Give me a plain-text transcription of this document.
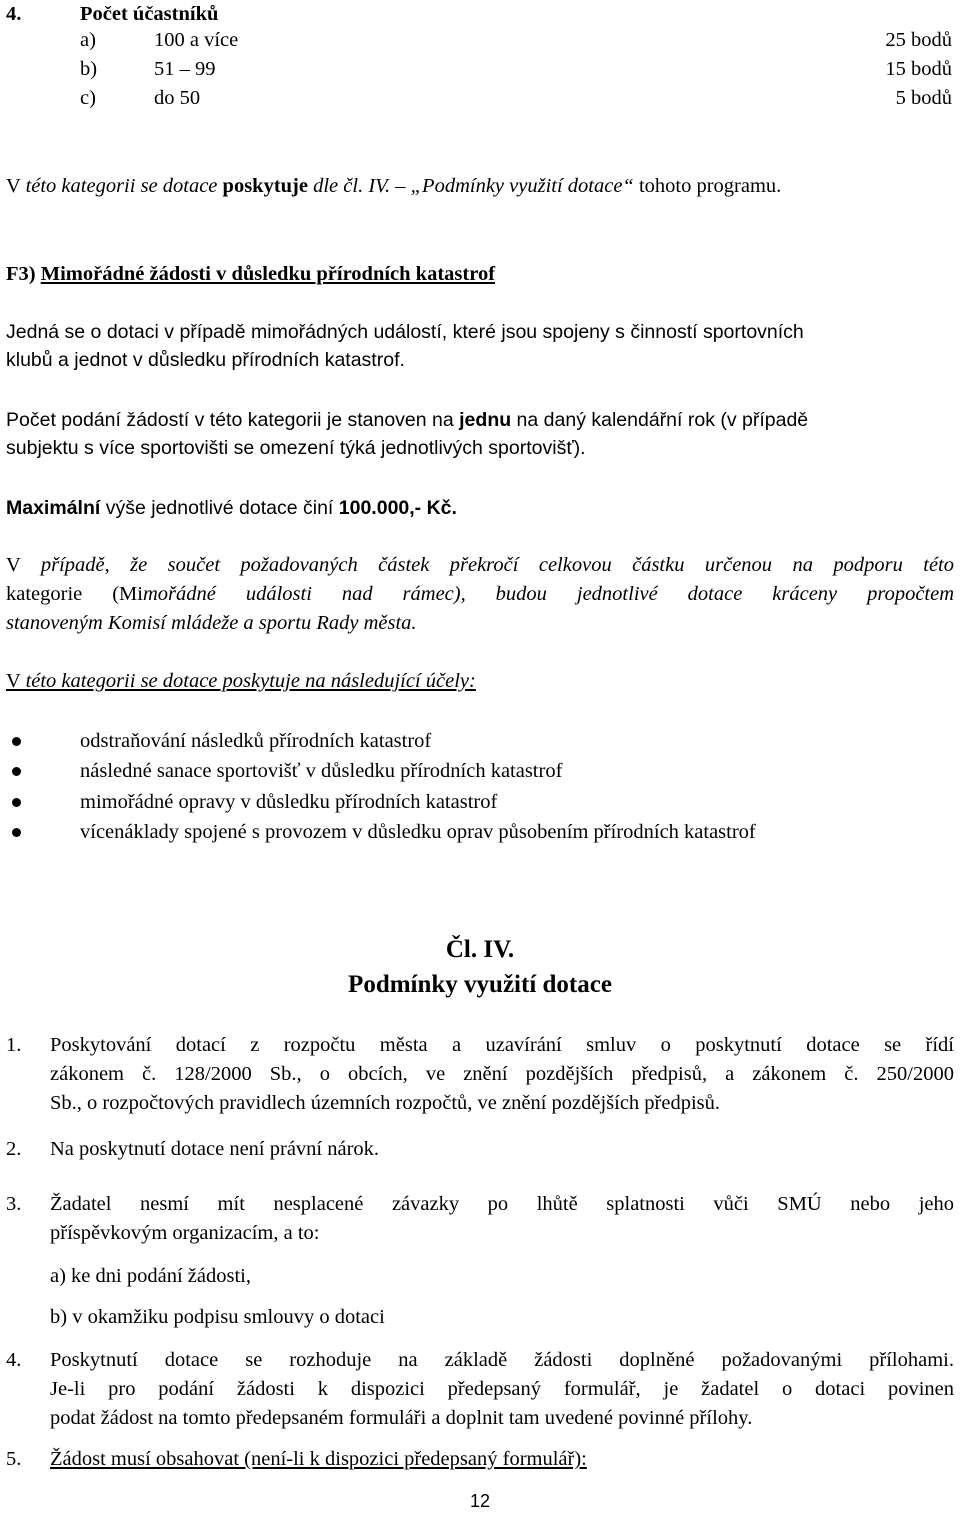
4.	Počet účastníků
a)	100 a více	25 bodů
b)	51 – 99	15 bodů
c)	do 50	5 bodů
V této kategorii se dotace poskytuje dle čl. IV. – „Podmínky využití dotace“ tohoto programu.
F3) Mimořádné žádosti v důsledku přírodních katastrof
Jedná se o dotaci v případě mimořádných událostí, které jsou spojeny s činností sportovních
klubů a jednot v důsledku přírodních katastrof.
Počet podání žádostí v této kategorii je stanoven na jednu na daný kalendářní rok (v případě
subjektu s více sportovišti se omezení týká jednotlivých sportovišť).
Maximální výše jednotlivé dotace činí 100.000,- Kč.
V případě, že součet požadovaných částek překročí celkovou částku určenou na podporu této
kategorie (Mimořádné události nad rámec), budou jednotlivé dotace kráceny propočtem
stanoveným Komisí mládeže a sportu Rady města.
V této kategorii se dotace poskytuje na následující účely:
odstraňování následků přírodních katastrof
následné sanace sportovišť v důsledku přírodních katastrof
mimořádné opravy v důsledku přírodních katastrof
vícenáklady spojené s provozem v důsledku oprav působením přírodních katastrof
Čl. IV.
Podmínky využití dotace
1. Poskytování dotací z rozpočtu města a uzavírání smluv o poskytnutí dotace se řídí
zákonem č. 128/2000 Sb., o obcích, ve znění pozdějších předpisů, a zákonem č. 250/2000
Sb., o rozpočtových pravidlech územních rozpočtů, ve znění pozdějších předpisů.
2. Na poskytnutí dotace není právní nárok.
3. Žadatel nesmí mít nesplacené závazky po lhůtě splatnosti vůči SMÚ nebo jeho
příspěvkovým organizacím, a to:
a) ke dni podání žádosti,
b) v okamžiku podpisu smlouvy o dotaci
4. Poskytnutí dotace se rozhoduje na základě žádosti doplněné požadovanými přílohami.
Je-li pro podání žádosti k dispozici předepsaný formulář, je žadatel o dotaci povinen
podat žádost na tomto předepsaném formuláři a doplnit tam uvedené povinné přílohy.
5. Žádost musí obsahovat (není-li k dispozici předepsaný formulář):
12
